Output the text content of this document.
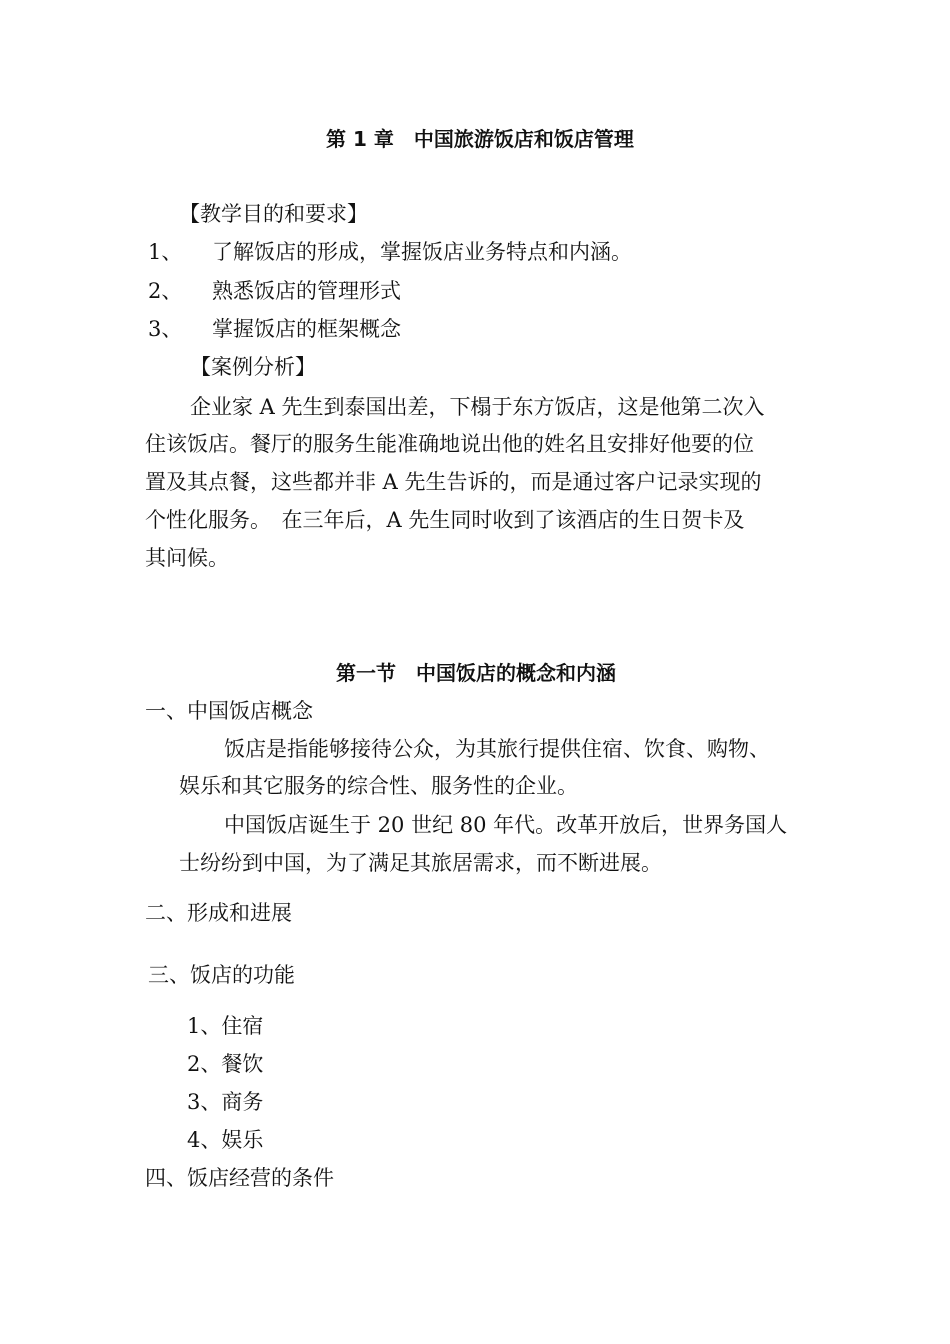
第 1 章　中国旅游饭店和饭店管理
【教学目的和要求】
1、 了解饭店的形成，掌握饭店业务特点和内涵。
2、 熟悉饭店的管理形式
3、 掌握饭店的框架概念
【案例分析】
企业家 A 先生到泰国出差，下榻于东方饭店，这是他第二次入
住该饭店。餐厅的服务生能准确地说出他的姓名且安排好他要的位
置及其点餐，这些都并非 A 先生告诉的，而是通过客户记录实现的
个性化服务。　在三年后，A 先生同时收到了该酒店的生日贺卡及
其问候。
第一节　中国饭店的概念和内涵
一、中国饭店概念
饭店是指能够接待公众，为其旅行提供住宿、饮食、购物、
娱乐和其它服务的综合性、服务性的企业。
中国饭店诞生于 20 世纪 80 年代。改革开放后，世界务国人
士纷纷到中国，为了满足其旅居需求，而不断进展。
二、形成和进展
三、饭店的功能
1、住宿
2、餐饮
3、商务
4、娱乐
四、饭店经营的条件
